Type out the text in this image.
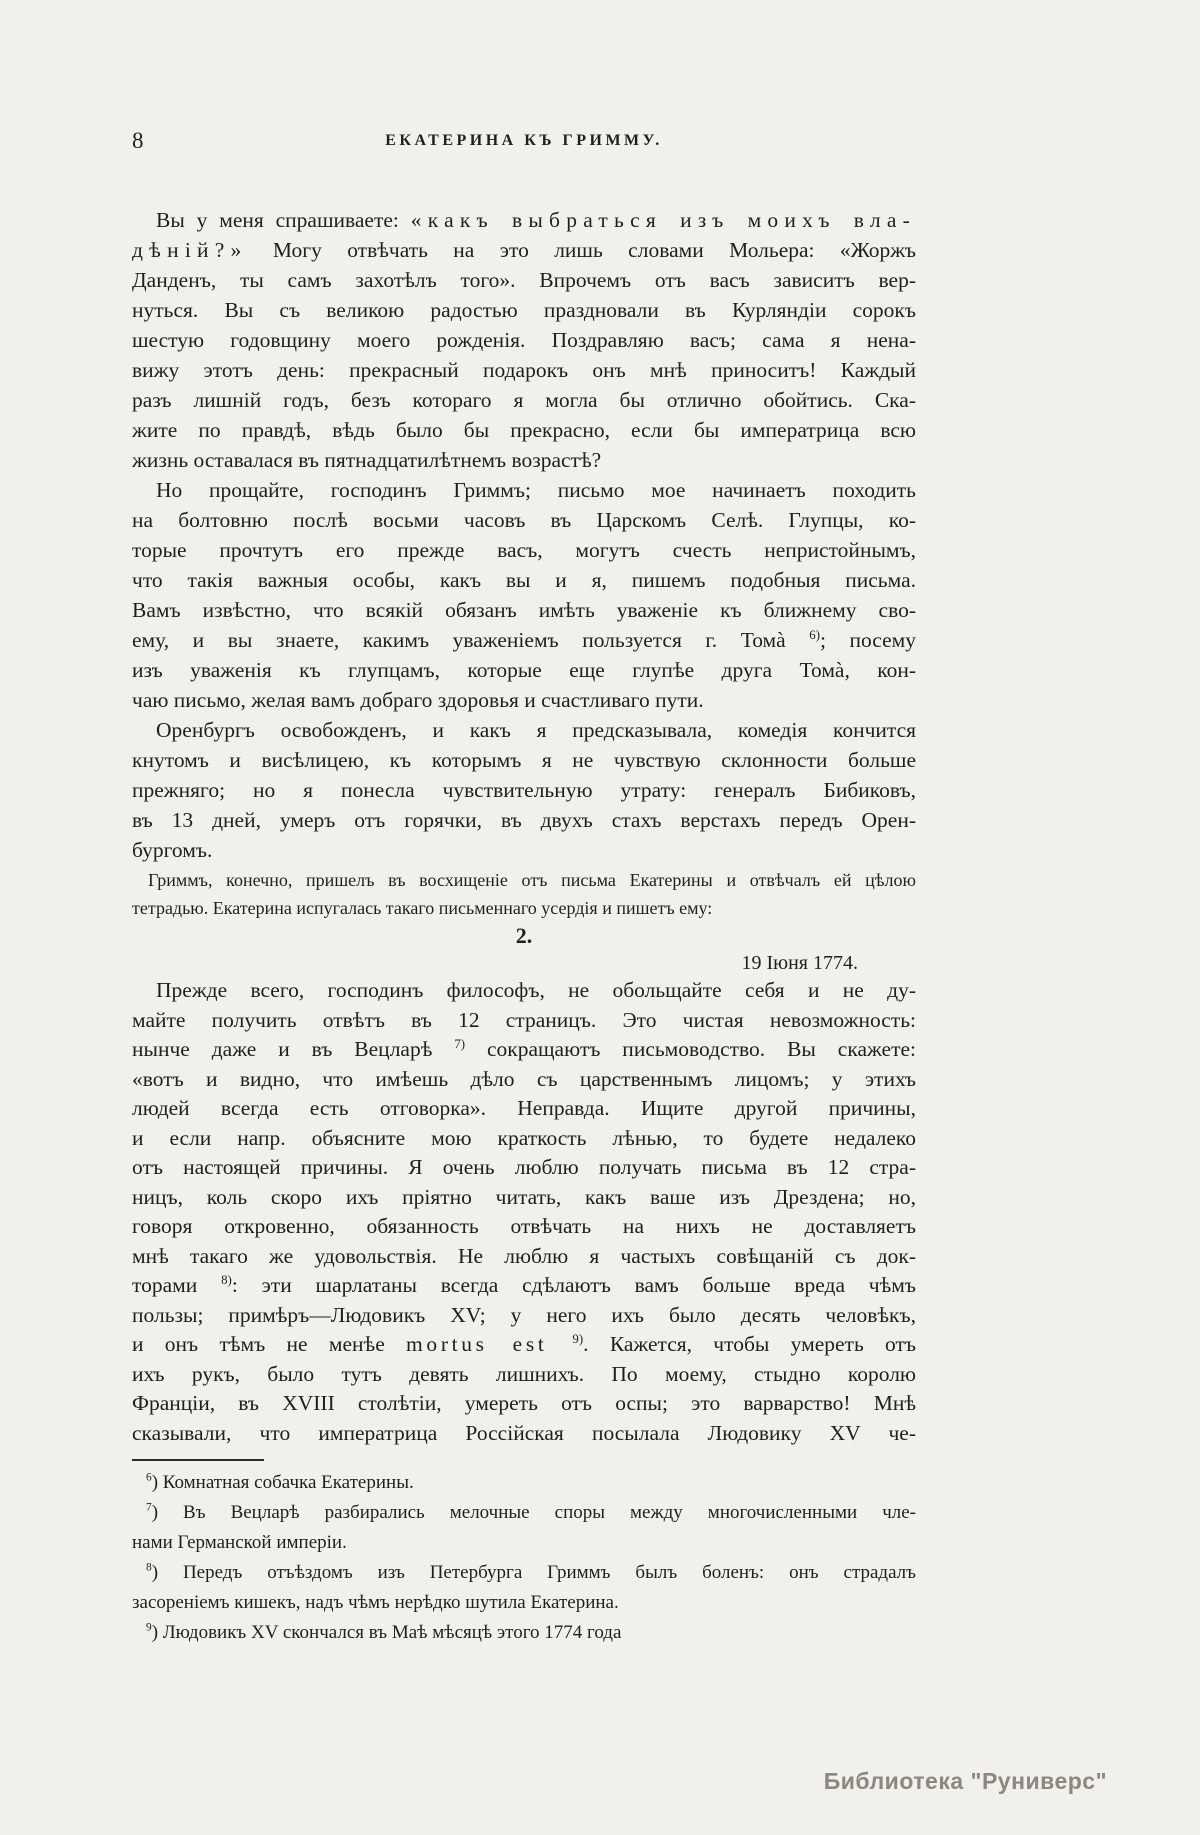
8	ЕКАТЕРИНА КЪ ГРИММУ.
Вы у меня спрашиваете: «какъ выбраться изъ моихъ вла-
дѣній?» Могу отвѣчать на это лишь словами Мольера: «Жоржъ
Данденъ, ты самъ захотѣлъ того». Впрочемъ отъ васъ зависитъ вер-
нуться. Вы съ великою радостью праздновали въ Курляндіи сорокъ
шестую годовщину моего рожденія. Поздравляю васъ; сама я нена-
вижу этотъ день: прекрасный подарокъ онъ мнѣ приноситъ! Каждый
разъ лишній годъ, безъ котораго я могла бы отлично обойтись. Ска-
жите по правдѣ, вѣдь было бы прекрасно, если бы императрица всю
жизнь оставалася въ пятнадцатилѣтнемъ возрастѣ?
Но прощайте, господинъ Гриммъ; письмо мое начинаетъ походить
на болтовню послѣ восьми часовъ въ Царскомъ Селѣ. Глупцы, ко-
торые прочтутъ его прежде васъ, могутъ счесть непристойнымъ,
что такія важныя особы, какъ вы и я, пишемъ подобныя письма.
Вамъ извѣстно, что всякій обязанъ имѣть уваженіе къ ближнему сво-
ему, и вы знаете, какимъ уваженіемъ пользуется г. Томà $^{6)}$; посему
изъ уваженія къ глупцамъ, которые еще глупѣе друга Томà, кон-
чаю письмо, желая вамъ добраго здоровья и счастливаго пути.
Оренбургъ освобожденъ, и какъ я предсказывала, комедія кончится
кнутомъ и висѣлицею, къ которымъ я не чувствую склонности больше
прежняго; но я понесла чувствительную утрату: генералъ Бибиковъ,
въ 13 дней, умеръ отъ горячки, въ двухъ стахъ верстахъ передъ Орен-
бургомъ.
Гриммъ, конечно, пришелъ въ восхищеніе отъ письма Екатерины и отвѣчалъ ей цѣлою
тетрадью. Екатерина испугалась такаго письменнаго усердія и пишетъ ему:
2.
19 Іюня 1774.
Прежде всего, господинъ философъ, не обольщайте себя и не ду-
майте получить отвѣтъ въ 12 страницъ. Это чистая невозможность:
нынче даже и въ Вецларѣ $^{7)}$ сокращаютъ письмоводство. Вы скажете:
«вотъ и видно, что имѣешь дѣло съ царственнымъ лицомъ; у этихъ
людей всегда есть отговорка». Неправда. Ищите другой причины,
и если напр. объясните мою краткость лѣнью, то будете недалеко
отъ настоящей причины. Я очень люблю получать письма въ 12 стра-
ницъ, коль скоро ихъ пріятно читать, какъ ваше изъ Дрездена; но,
говоря откровенно, обязанность отвѣчать на нихъ не доставляетъ
мнѣ такаго же удовольствія. Не люблю я частыхъ совѣщаній съ док-
торами $^{8)}$: эти шарлатаны всегда сдѣлаютъ вамъ больше вреда чѣмъ
пользы; примѣръ—Людовикъ XV; у него ихъ было десять человѣкъ,
и онъ тѣмъ не менѣе mortus est $^{9)}$. Кажется, чтобы умереть отъ
ихъ рукъ, было тутъ девять лишнихъ. По моему, стыдно королю
Франціи, въ XVIII столѣтіи, умереть отъ оспы; это варварство! Мнѣ
сказывали, что императрица Россійская посылала Людовику XV че-
$^6$) Комнатная собачка Екатерины.
$^7$) Въ Вецларѣ разбирались мелочные споры между многочисленными чле-
нами Германской имперіи.
$^8$) Передъ отъѣздомъ изъ Петербурга Гриммъ былъ боленъ: онъ страдалъ
засореніемъ кишекъ, надъ чѣмъ нерѣдко шутила Екатерина.
$^9$) Людовикъ XV скончался въ Маѣ мѣсяцѣ этого 1774 года
Библиотека "Руниверс"
